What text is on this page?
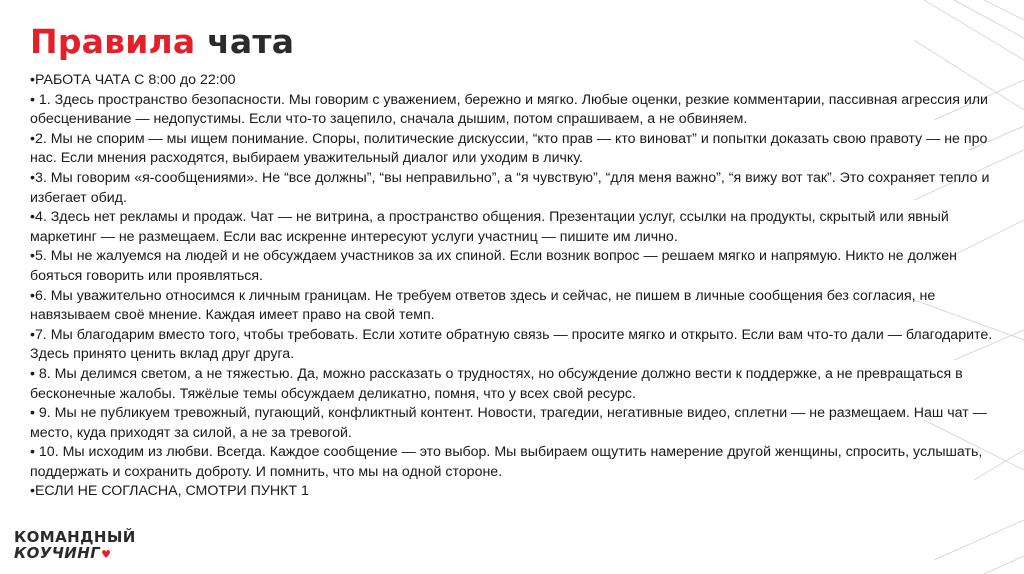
Правила чата

•РАБОТА ЧАТА С 8:00 до 22:00

• 1. Здесь пространство безопасности. Мы говорим с уважением, бережно и мягко. Любые оценки, резкие комментарии, пассивная агрессия или обесценивание — недопустимы. Если что-то зацепило, сначала дышим, потом спрашиваем, а не обвиняем.

•2. Мы не спорим — мы ищем понимание. Споры, политические дискуссии, “кто прав — кто виноват” и попытки доказать свою правоту — не про нас. Если мнения расходятся, выбираем уважительный диалог или уходим в личку.

•3. Мы говорим «я-сообщениями». Не “все должны”, “вы неправильно”, а “я чувствую”, “для меня важно”, “я вижу вот так”. Это сохраняет тепло и избегает обид.

•4. Здесь нет рекламы и продаж. Чат — не витрина, а пространство общения. Презентации услуг, ссылки на продукты, скрытый или явный маркетинг — не размещаем. Если вас искренне интересуют услуги участниц — пишите им лично.

•5. Мы не жалуемся на людей и не обсуждаем участников за их спиной. Если возник вопрос — решаем мягко и напрямую. Никто не должен бояться говорить или проявляться.

•6. Мы уважительно относимся к личным границам. Не требуем ответов здесь и сейчас, не пишем в личные сообщения без согласия, не навязываем своё мнение. Каждая имеет право на свой темп.

•7. Мы благодарим вместо того, чтобы требовать. Если хотите обратную связь — просите мягко и открыто. Если вам что-то дали — благодарите. Здесь принято ценить вклад друг друга.

• 8. Мы делимся светом, а не тяжестью. Да, можно рассказать о трудностях, но обсуждение должно вести к поддержке, а не превращаться в бесконечные жалобы. Тяжёлые темы обсуждаем деликатно, помня, что у всех свой ресурс.

• 9. Мы не публикуем тревожный, пугающий, конфликтный контент. Новости, трагедии, негативные видео, сплетни — не размещаем. Наш чат — место, куда приходят за силой, а не за тревогой.

• 10. Мы исходим из любви. Всегда. Каждое сообщение — это выбор. Мы выбираем ощутить намерение другой женщины, спросить, услышать, поддержать и сохранить доброту. И помнить, что мы на одной стороне.

•ЕСЛИ НЕ СОГЛАСНА, СМОТРИ ПУНКТ 1

КОМАНДНЫЙ
КОУЧИНГ♥
